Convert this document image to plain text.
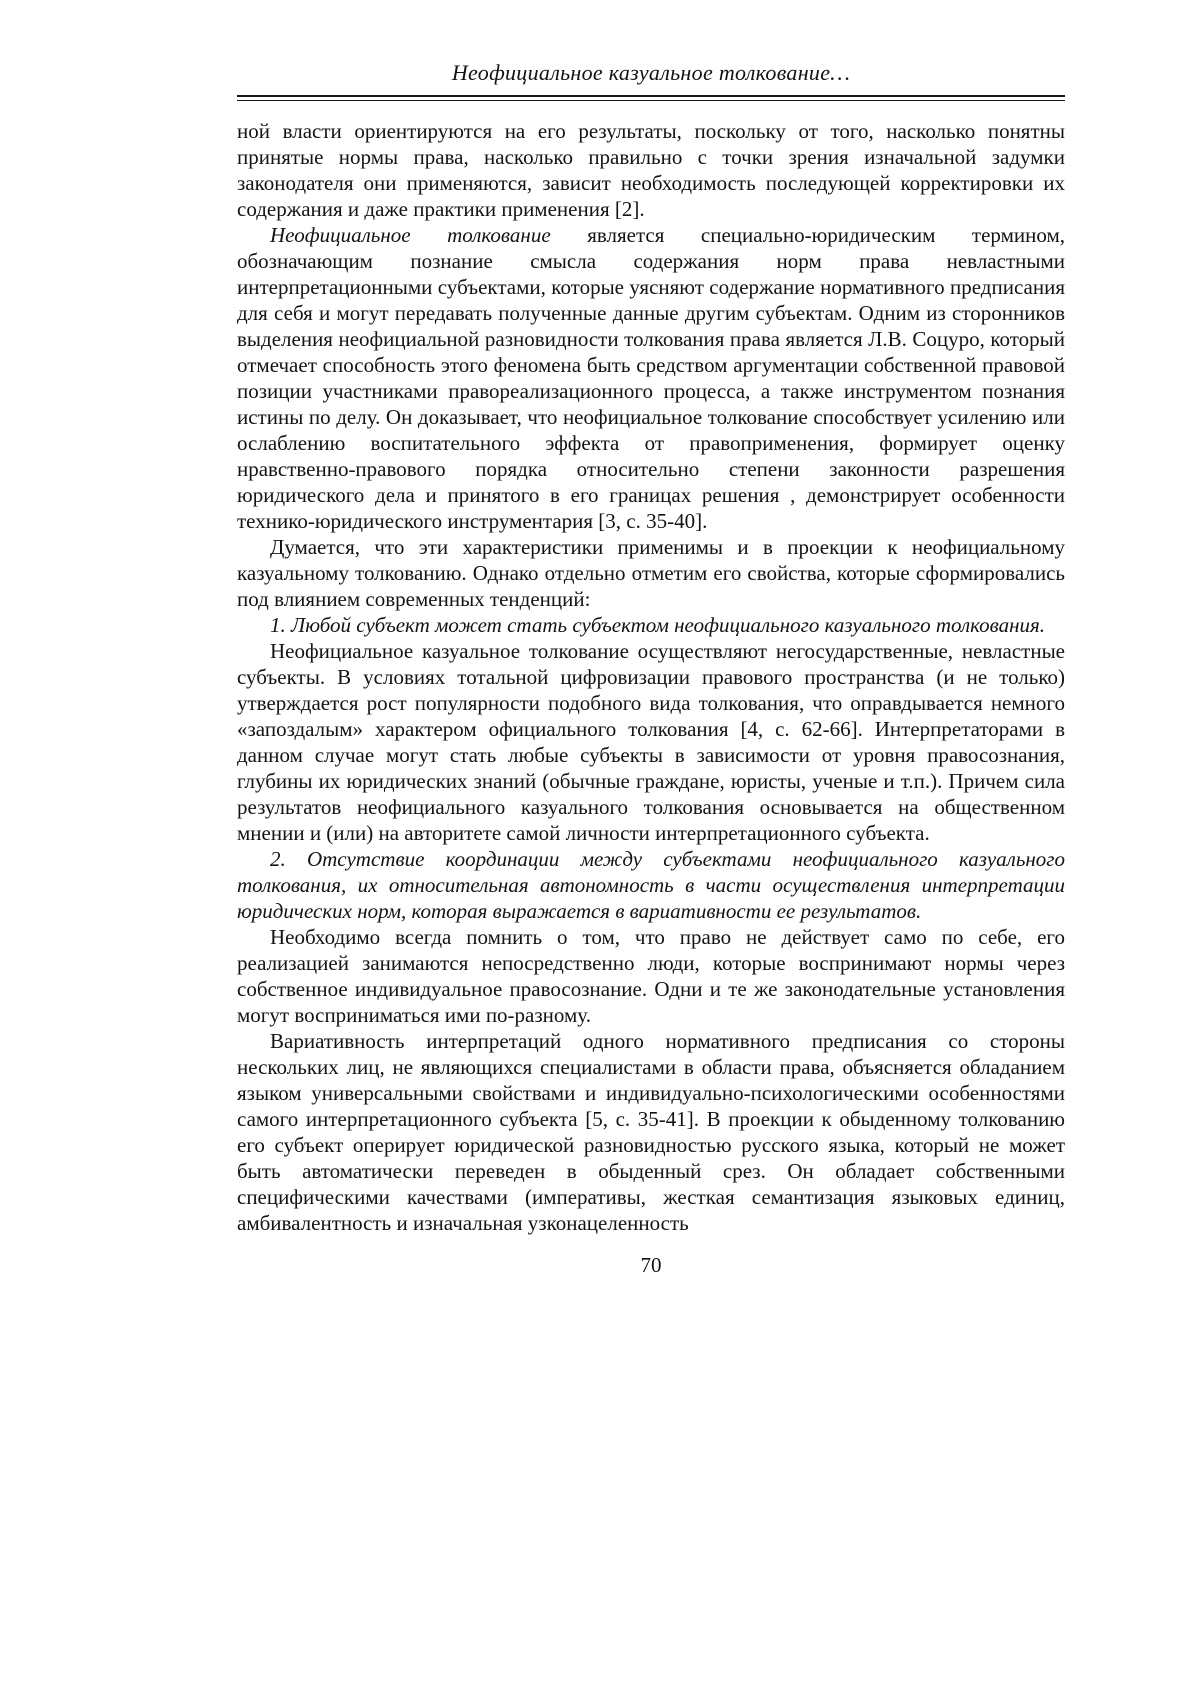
Неофициальное казуальное толкование…

ной власти ориентируются на его результаты, поскольку от того, насколько понятны принятые нормы права, насколько правильно с точки зрения изначальной задумки законодателя они применяются, зависит необходимость последующей корректировки их содержания и даже практики применения [2].

Неофициальное толкование является специально-юридическим термином, обозначающим познание смысла содержания норм права невластными интерпретационными субъектами, которые уясняют содержание нормативного предписания для себя и могут передавать полученные данные другим субъектам. Одним из сторонников выделения неофициальной разновидности толкования права является Л.В. Соцуро, который отмечает способность этого феномена быть средством аргументации собственной правовой позиции участниками правореализационного процесса, а также инструментом познания истины по делу. Он доказывает, что неофициальное толкование способствует усилению или ослаблению воспитательного эффекта от правоприменения, формирует оценку нравственно-правового порядка относительно степени законности разрешения юридического дела и принятого в его границах решения , демонстрирует особенности технико-юридического инструментария [3, с. 35-40].

Думается, что эти характеристики применимы и в проекции к неофициальному казуальному толкованию. Однако отдельно отметим его свойства, которые сформировались под влиянием современных тенденций:

1. Любой субъект может стать субъектом неофициального казуального толкования.

Неофициальное казуальное толкование осуществляют негосударственные, невластные субъекты. В условиях тотальной цифровизации правового пространства (и не только) утверждается рост популярности подобного вида толкования, что оправдывается немного «запоздалым» характером официального толкования [4, с. 62-66]. Интерпретаторами в данном случае могут стать любые субъекты в зависимости от уровня правосознания, глубины их юридических знаний (обычные граждане, юристы, ученые и т.п.). Причем сила результатов неофициального казуального толкования основывается на общественном мнении и (или) на авторитете самой личности интерпретационного субъекта.

2. Отсутствие координации между субъектами неофициального казуального толкования, их относительная автономность в части осуществления интерпретации юридических норм, которая выражается в вариативности ее результатов.

Необходимо всегда помнить о том, что право не действует само по себе, его реализацией занимаются непосредственно люди, которые воспринимают нормы через собственное индивидуальное правосознание. Одни и те же законодательные установления могут восприниматься ими по-разному.

Вариативность интерпретаций одного нормативного предписания со стороны нескольких лиц, не являющихся специалистами в области права, объясняется обладанием языком универсальными свойствами и индивидуально-психологическими особенностями самого интерпретационного субъекта [5, с. 35-41]. В проекции к обыденному толкованию его субъект оперирует юридической разновидностью русского языка, который не может быть автоматически переведен в обыденный срез. Он обладает собственными специфическими качествами (императивы, жесткая семантизация языковых единиц, амбивалентность и изначальная узконацеленность

70
